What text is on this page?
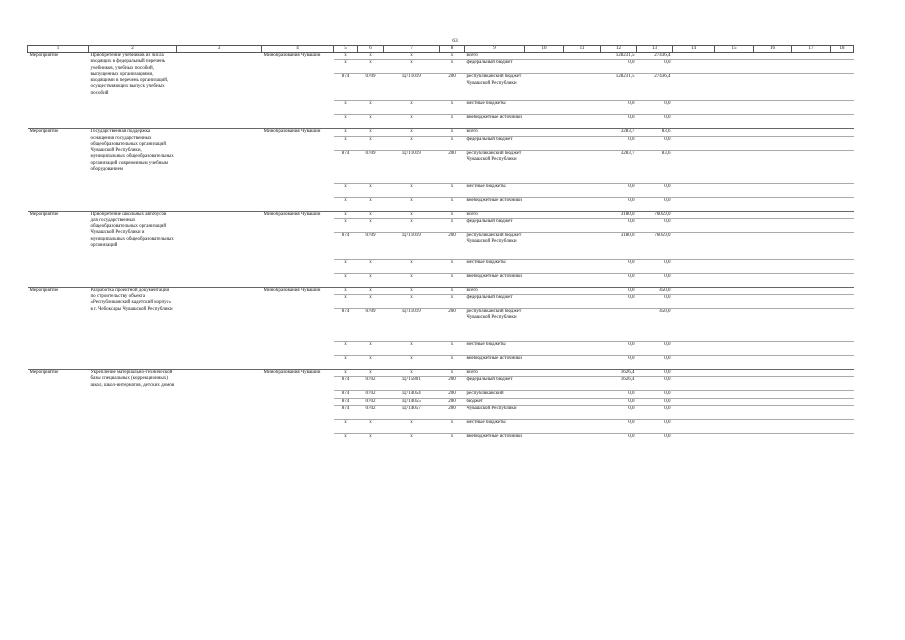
63
1	2	3	4	5	6	7	8	9	10	11	12	13	14	15	16	17	18
Мероприятие	Приобретение учебников из числа входящих в федеральный перечень учебников, учебных пособий, выпущенных организациями, входящими в перечень организаций, осуществляющих выпуск учебных пособий		Минобразования Чувашии	x	x	x	x	всего			128231,5	27436,4					
				x	x	x	x	федеральный бюджет			0,0	0,0					
				874	0709	Ц711019	200	республиканский бюджет Чувашской Республики			128231,5	27436,4					
				x	x	x	x	местные бюджеты			0,0	0,0					
				x	x	x	x	внебюджетные источники			0,0	0,0					
Мероприятие	Государственная поддержка оснащения государственных общеобразовательных организаций Чувашской Республики, муниципальных общеобразовательных организаций современным учебным оборудованием		Минобразования Чувашии	x	x	x	x	всего			3283,7	83,6					
				x	x	x	x	федеральный бюджет			0,0	0,0					
				874	0709	Ц711019	200	республиканский бюджет Чувашской Республики			3283,7	83,6					
				x	x	x	x	местные бюджеты			0,0	0,0					
				x	x	x	x	внебюджетные источники			0,0	0,0					
Мероприятие	Приобретение школьных автобусов для государственных общеобразовательных организаций Чувашской Республики и муниципальных общеобразовательных организаций		Минобразования Чувашии	x	x	x	x	всего			3180,0	76059,0					
				x	x	x	x	федеральный бюджет			0,0	0,0					
				874	0709	Ц711019	200	республиканский бюджет Чувашской Республики			3180,0	76059,0					
				x	x	x	x	местные бюджеты			0,0	0,0					
				x	x	x	x	внебюджетные источники			0,0	0,0					
Мероприятие	Разработка проектной документации по строительству объекта «Республиканский кадетский корпус» в г. Чебоксары Чувашской Республики		Минобразования Чувашии	x	x	x	x	всего			0,0	450,0					
				x	x	x	x	федеральный бюджет			0,0	0,0					
				874	0709	Ц711019	200	республиканский бюджет Чувашской Республики				450,0					
				x	x	x	x	местные бюджеты			0,0	0,0					
				x	x	x	x	внебюджетные источники			0,0	0,0					
Мероприятие	Укрепление материально-технической базы специальных (коррекционных) школ, школ-интернатов, детских домов		Минобразования Чувашии	x	x	x	x	всего			1626,4	0,0					
				874	0702	Ц715801	200	федеральный бюджет			1626,4	0,0					
				874	0702	Ц714054	200	республиканский			0,0	0,0					
				874	0702	Ц714055	200	бюджет			0,0	0,0					
				874	0702	Ц714057	200	Чувашской Республики			0,0	0,0					
				x	x	x	x	местные бюджеты			0,0	0,0					
				x	x	x	x	внебюджетные источники			0,0	0,0					
